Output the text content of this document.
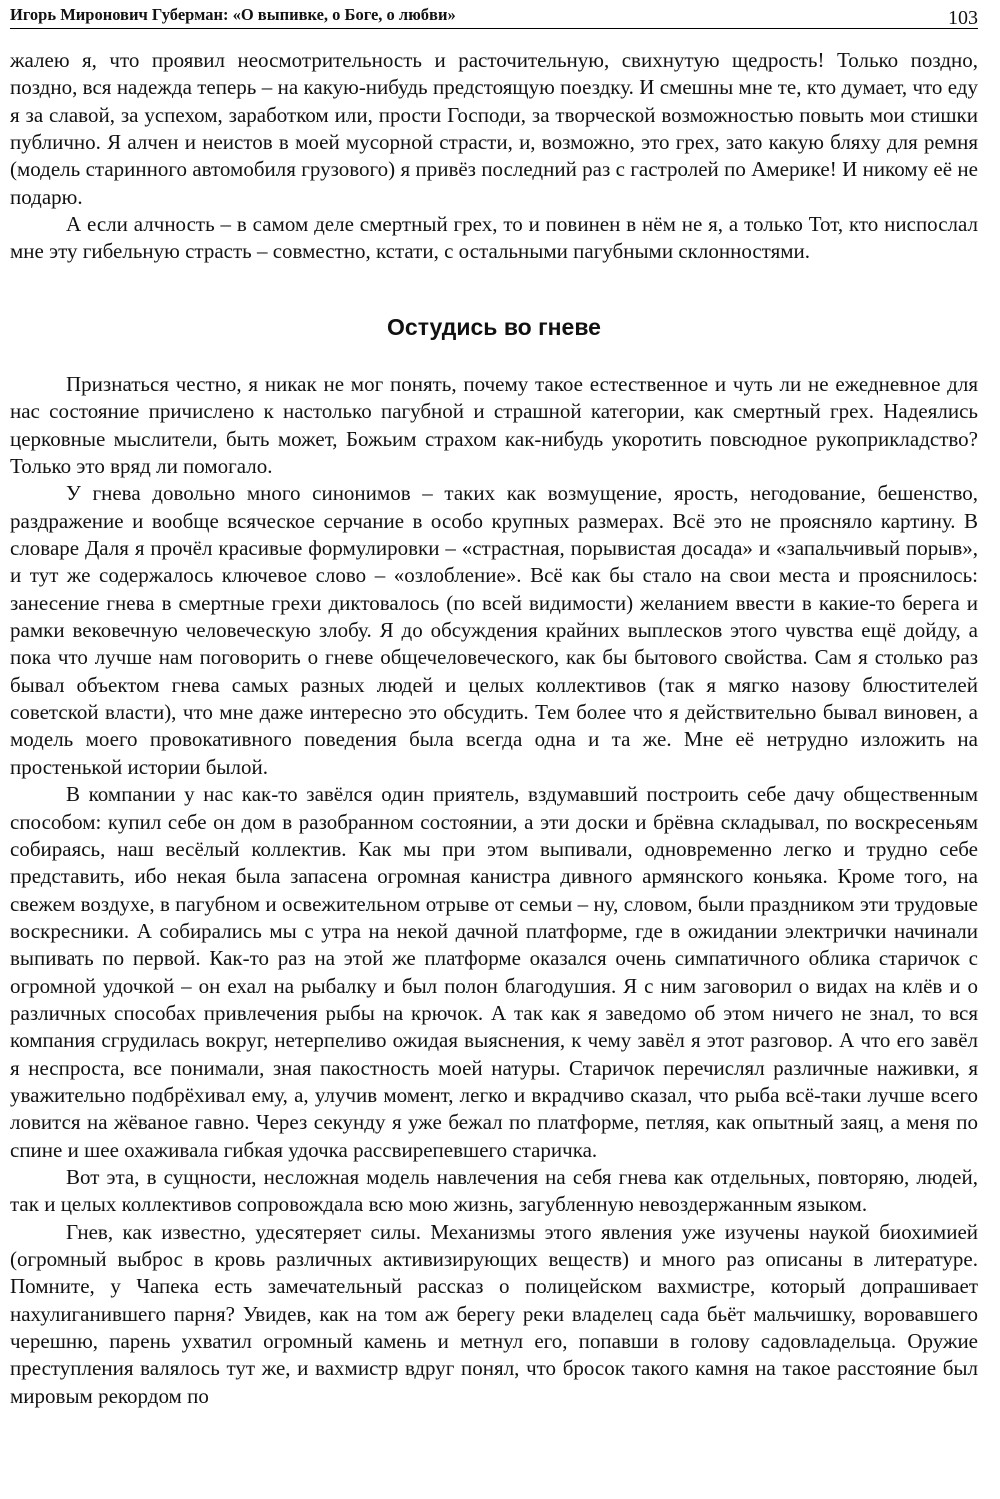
Игорь Миронович Губерман: «О выпивке, о Боге, о любви»	103

жалею я, что проявил неосмотрительность и расточительную, свихнутую щедрость! Только поздно, поздно, вся надежда теперь – на какую-нибудь предстоящую поездку. И смешны мне те, кто думает, что еду я за славой, за успехом, заработком или, прости Господи, за творческой возможностью повыть мои стишки публично. Я алчен и неистов в моей мусорной страсти, и, возможно, это грех, зато какую бляху для ремня (модель старинного автомобиля грузового) я привёз последний раз с гастролей по Америке! И никому её не подарю.

А если алчность – в самом деле смертный грех, то и повинен в нём не я, а только Тот, кто ниспослал мне эту гибельную страсть – совместно, кстати, с остальными пагубными склонностями.

Остудись во гневе

Признаться честно, я никак не мог понять, почему такое естественное и чуть ли не ежедневное для нас состояние причислено к настолько пагубной и страшной категории, как смертный грех. Надеялись церковные мыслители, быть может, Божьим страхом как-нибудь укоротить повсюдное рукоприкладство? Только это вряд ли помогало.

У гнева довольно много синонимов – таких как возмущение, ярость, негодование, бешенство, раздражение и вообще всяческое серчание в особо крупных размерах. Всё это не проясняло картину. В словаре Даля я прочёл красивые формулировки – «страстная, порывистая досада» и «запальчивый порыв», и тут же содержалось ключевое слово – «озлобление». Всё как бы стало на свои места и прояснилось: занесение гнева в смертные грехи диктовалось (по всей видимости) желанием ввести в какие-то берега и рамки вековечную человеческую злобу. Я до обсуждения крайних выплесков этого чувства ещё дойду, а пока что лучше нам поговорить о гневе общечеловеческого, как бы бытового свойства. Сам я столько раз бывал объектом гнева самых разных людей и целых коллективов (так я мягко назову блюстителей советской власти), что мне даже интересно это обсудить. Тем более что я действительно бывал виновен, а модель моего провокативного поведения была всегда одна и та же. Мне её нетрудно изложить на простенькой истории былой.

В компании у нас как-то завёлся один приятель, вздумавший построить себе дачу общественным способом: купил себе он дом в разобранном состоянии, а эти доски и брёвна складывал, по воскресеньям собираясь, наш весёлый коллектив. Как мы при этом выпивали, одновременно легко и трудно себе представить, ибо некая была запасена огромная канистра дивного армянского коньяка. Кроме того, на свежем воздухе, в пагубном и освежительном отрыве от семьи – ну, словом, были праздником эти трудовые воскресники. А собирались мы с утра на некой дачной платформе, где в ожидании электрички начинали выпивать по первой. Как-то раз на этой же платформе оказался очень симпатичного облика старичок с огромной удочкой – он ехал на рыбалку и был полон благодушия. Я с ним заговорил о видах на клёв и о различных способах привлечения рыбы на крючок. А так как я заведомо об этом ничего не знал, то вся компания сгрудилась вокруг, нетерпеливо ожидая выяснения, к чему завёл я этот разговор. А что его завёл я неспроста, все понимали, зная пакостность моей натуры. Старичок перечислял различные наживки, я уважительно подбрёхивал ему, а, улучив момент, легко и вкрадчиво сказал, что рыба всё-таки лучше всего ловится на жёваное гавно. Через секунду я уже бежал по платформе, петляя, как опытный заяц, а меня по спине и шее охаживала гибкая удочка рассвирепевшего старичка.

Вот эта, в сущности, несложная модель навлечения на себя гнева как отдельных, повторяю, людей, так и целых коллективов сопровождала всю мою жизнь, загубленную невоздержанным языком.

Гнев, как известно, удесятеряет силы. Механизмы этого явления уже изучены наукой биохимией (огромный выброс в кровь различных активизирующих веществ) и много раз описаны в литературе. Помните, у Чапека есть замечательный рассказ о полицейском вахмистре, который допрашивает нахулиганившего парня? Увидев, как на том аж берегу реки владелец сада бьёт мальчишку, воровавшего черешню, парень ухватил огромный камень и метнул его, попавши в голову садовладельца. Оружие преступления валялось тут же, и вахмистр вдруг понял, что бросок такого камня на такое расстояние был мировым рекордом по
